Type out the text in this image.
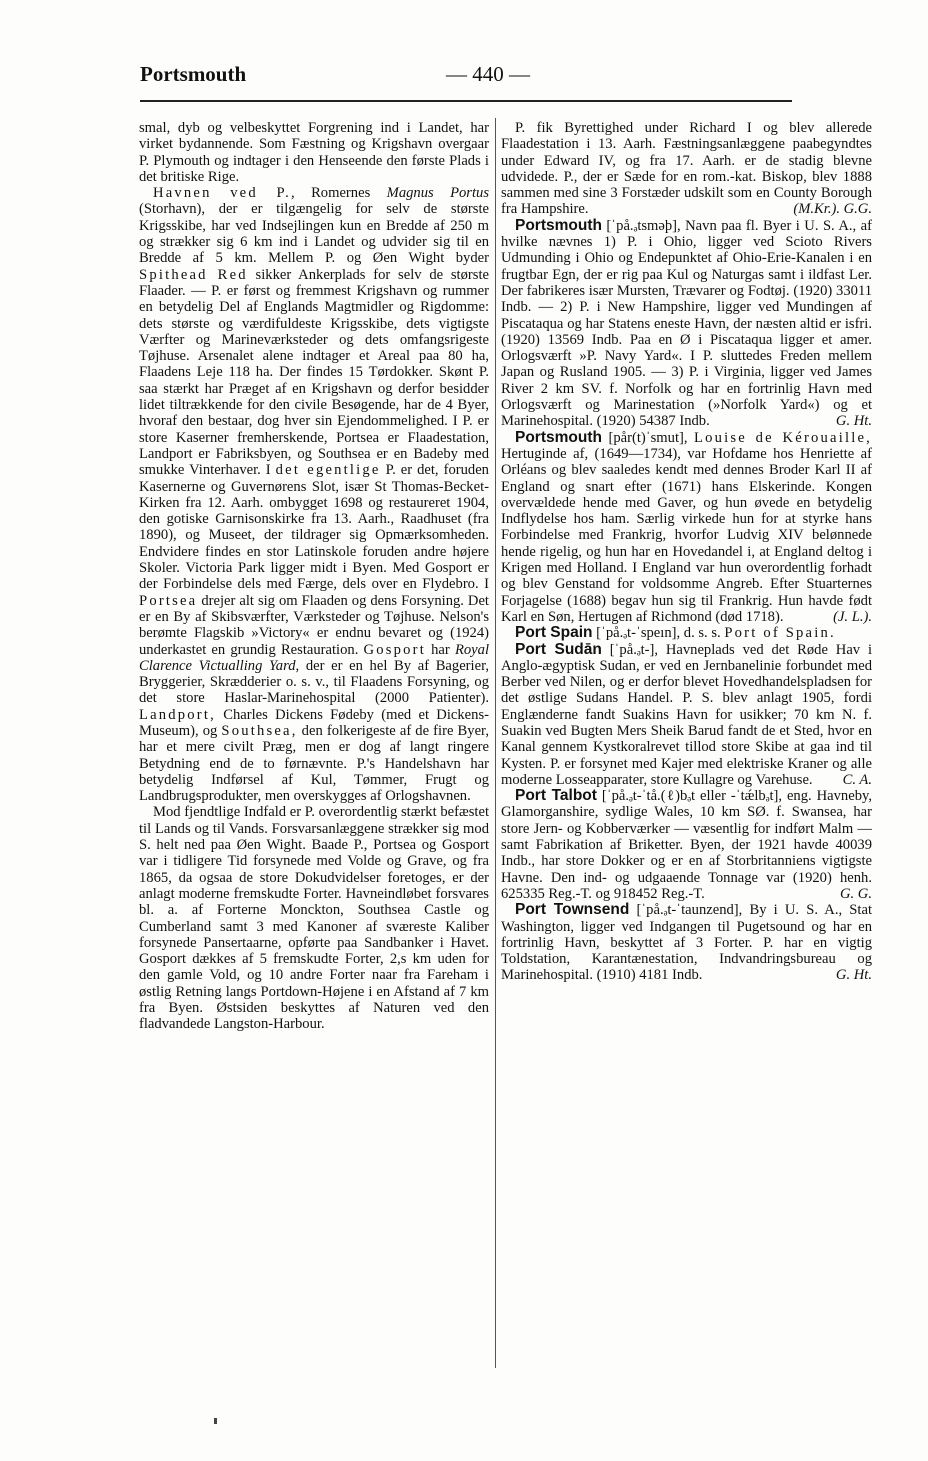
Portsmouth	— 440 —

smal, dyb og velbeskyttet Forgrening ind i Landet, har virket bydannende. Som Fæstning og Krigshavn overgaar P. Plymouth og indtager i den Henseende den første Plads i det britiske Rige.

Havnen ved P., Romernes Magnus Portus (Storhavn), der er tilgængelig for selv de største Krigsskibe, har ved Indsejlingen kun en Bredde af 250 m og strækker sig 6 km ind i Landet og udvider sig til en Bredde af 5 km. Mellem P. og Øen Wight byder Spithead Red sikker Ankerplads for selv de største Flaader. — P. er først og fremmest Krigshavn og rummer en betydelig Del af Englands Magtmidler og Rigdomme: dets største og værdifuldeste Krigsskibe, dets vigtigste Værfter og Marineværksteder og dets omfangsrigeste Tøjhuse. Arsenalet alene indtager et Areal paa 80 ha, Flaadens Leje 118 ha. Der findes 15 Tørdokker. Skønt P. saa stærkt har Præget af en Krigshavn og derfor besidder lidet tiltrækkende for den civile Besøgende, har de 4 Byer, hvoraf den bestaar, dog hver sin Ejendommelighed. I P. er store Kaserner fremherskende, Portsea er Flaadestation, Landport er Fabriksbyen, og Southsea er en Badeby med smukke Vinterhaver. I det egentlige P. er det, foruden Kasernerne og Guvernørens Slot, især St Thomas-Becket-Kirken fra 12. Aarh. ombygget 1698 og restaureret 1904, den gotiske Garnisonskirke fra 13. Aarh., Raadhuset (fra 1890), og Museet, der tildrager sig Opmærksomheden. Endvidere findes en stor Latinskole foruden andre højere Skoler. Victoria Park ligger midt i Byen. Med Gosport er der Forbindelse dels med Færge, dels over en Flydebro. I Portsea drejer alt sig om Flaaden og dens Forsyning. Det er en By af Skibsværfter, Værksteder og Tøjhuse. Nelson's berømte Flagskib »Victory« er endnu bevaret og (1924) underkastet en grundig Restauration. Gosport har Royal Clarence Victualling Yard, der er en hel By af Bagerier, Bryggerier, Skrædderier o. s. v., til Flaadens Forsyning, og det store Haslar-Marinehospital (2000 Patienter). Landport, Charles Dickens Fødeby (med et Dickens-Museum), og Southsea, den folkerigeste af de fire Byer, har et mere civilt Præg, men er dog af langt ringere Betydning end de to førnævnte. P.'s Handelshavn har betydelig Indførsel af Kul, Tømmer, Frugt og Landbrugsprodukter, men overskygges af Orlogshavnen.

Mod fjendtlige Indfald er P. overordentlig stærkt befæstet til Lands og til Vands. Forsvarsanlæggene strækker sig mod S. helt ned paa Øen Wight. Baade P., Portsea og Gosport var i tidligere Tid forsynede med Volde og Grave, og fra 1865, da ogsaa de store Dokudvidelser foretoges, er der anlagt moderne fremskudte Forter. Havneindløbet forsvares bl. a. af Forterne Monckton, Southsea Castle og Cumberland samt 3 med Kanoner af sværeste Kaliber forsynede Pansertaarne, opførte paa Sandbanker i Havet. Gosport dækkes af 5 fremskudte Forter, 2,s km uden for den gamle Vold, og 10 andre Forter naar fra Fareham i østlig Retning langs Portdown-Højene i en Afstand af 7 km fra Byen. Østsiden beskyttes af Naturen ved den fladvandede Langston-Harbour.

P. fik Byrettighed under Richard I og blev allerede Flaadestation i 13. Aarh. Fæstningsanlæggene paabegyndtes under Edward IV, og fra 17. Aarh. er de stadig blevne udvidede. P., der er Sæde for en rom.-kat. Biskop, blev 1888 sammen med sine 3 Forstæder udskilt som en County Borough fra Hampshire.	(M.Kr.). G.G.

Portsmouth [ˈpå.ₔtsməþ], Navn paa fl. Byer i U. S. A., af hvilke nævnes 1) P. i Ohio, ligger ved Scioto Rivers Udmunding i Ohio og Endepunktet af Ohio-Erie-Kanalen i en frugtbar Egn, der er rig paa Kul og Naturgas samt i ildfast Ler. Der fabrikeres især Mursten, Trævarer og Fodtøj. (1920) 33011 Indb. — 2) P. i New Hampshire, ligger ved Mundingen af Piscataqua og har Statens eneste Havn, der næsten altid er isfri. (1920) 13569 Indb. Paa en Ø i Piscataqua ligger et amer. Orlogsværft »P. Navy Yard«. I P. sluttedes Freden mellem Japan og Rusland 1905. — 3) P. i Virginia, ligger ved James River 2 km SV. f. Norfolk og har en fortrinlig Havn med Orlogsværft og Marinestation (»Norfolk Yard«) og et Marinehospital. (1920) 54387 Indb.	G. Ht.

Portsmouth [pår(t)ˈsmut], Louise de Kérouaille, Hertuginde af, (1649—1734), var Hofdame hos Henriette af Orléans og blev saaledes kendt med dennes Broder Karl II af England og snart efter (1671) hans Elskerinde. Kongen overvældede hende med Gaver, og hun øvede en betydelig Indflydelse hos ham. Særlig virkede hun for at styrke hans Forbindelse med Frankrig, hvorfor Ludvig XIV belønnede hende rigelig, og hun har en Hovedandel i, at England deltog i Krigen med Holland. I England var hun overordentlig forhadt og blev Genstand for voldsomme Angreb. Efter Stuarternes Forjagelse (1688) begav hun sig til Frankrig. Hun havde født Karl en Søn, Hertugen af Richmond (død 1718).	(J. L.).

Port Spain [ˈpå.ₔt-ˈspeın], d. s. s. Port of Spain.

Port Sudān [ˈpå.ₔt-], Havneplads ved det Røde Hav i Anglo-ægyptisk Sudan, er ved en Jernbanelinie forbundet med Berber ved Nilen, og er derfor blevet Hovedhandelspladsen for det østlige Sudans Handel. P. S. blev anlagt 1905, fordi Englænderne fandt Suakins Havn for usikker; 70 km N. f. Suakin ved Bugten Mers Sheik Barud fandt de et Sted, hvor en Kanal gennem Kystkoralrevet tillod store Skibe at gaa ind til Kysten. P. er forsynet med Kajer med elektriske Kraner og alle moderne Losseapparater, store Kullagre og Varehuse.	C. A.

Port Talbot [ˈpå.ₔt-ˈtå.(ℓ)bₔt eller -ˈtǽlbₔt], eng. Havneby, Glamorganshire, sydlige Wales, 10 km SØ. f. Swansea, har store Jern- og Kobberværker — væsentlig for indført Malm — samt Fabrikation af Briketter. Byen, der 1921 havde 40039 Indb., har store Dokker og er en af Storbritanniens vigtigste Havne. Den ind- og udgaaende Tonnage var (1920) henh. 625335 Reg.-T. og 918452 Reg.-T.	G. G.

Port Townsend [ˈpå.ₔt-ˈtaunzend], By i U. S. A., Stat Washington, ligger ved Indgangen til Pugetsound og har en fortrinlig Havn, beskyttet af 3 Forter. P. har en vigtig Toldstation, Karantænestation, Indvandringsbureau og Marinehospital. (1910) 4181 Indb.	G. Ht.
